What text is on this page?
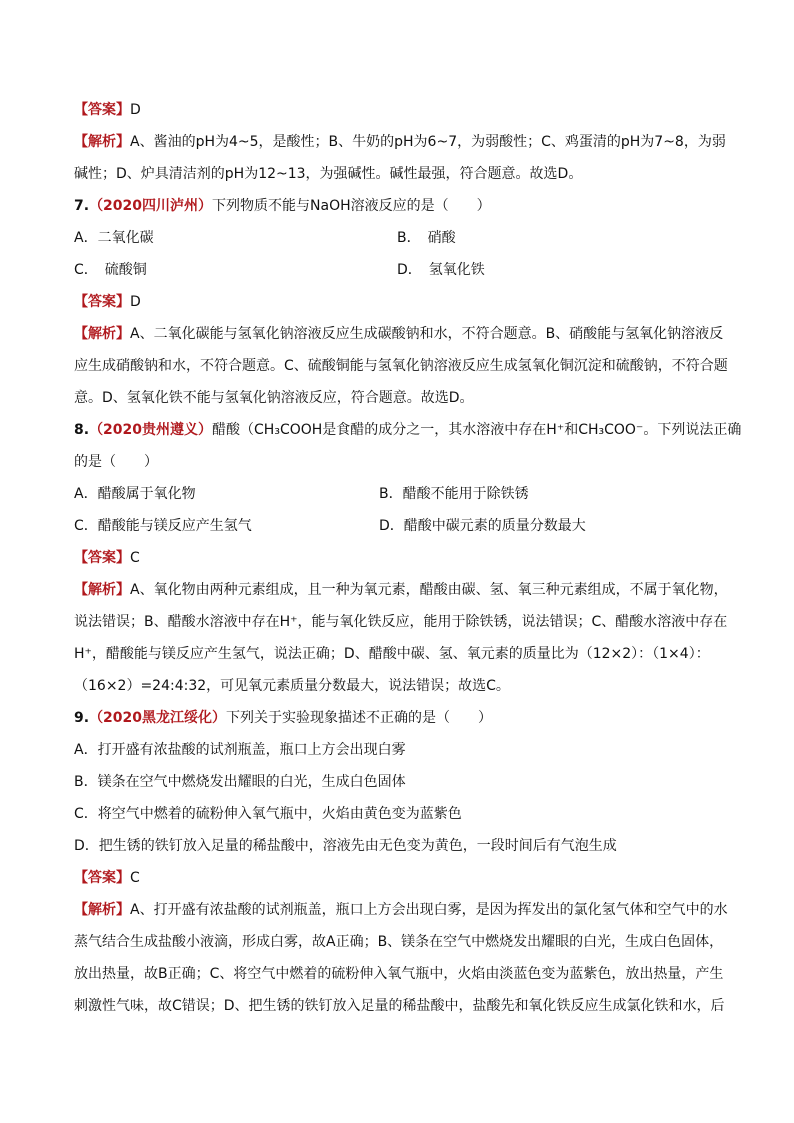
【答案】D
【解析】A、酱油的pH为4~5，是酸性；B、牛奶的pH为6~7，为弱酸性；C、鸡蛋清的pH为7~8，为弱
碱性；D、炉具清洁剂的pH为12~13，为强碱性。碱性最强，符合题意。故选D。
7.（2020四川泸州）下列物质不能与NaOH溶液反应的是（　　）
A．二氧化碳	B．　硝酸
C．　硫酸铜	D．　氢氧化铁
【答案】D
【解析】A、二氧化碳能与氢氧化钠溶液反应生成碳酸钠和水，不符合题意。B、硝酸能与氢氧化钠溶液反
应生成硝酸钠和水，不符合题意。C、硫酸铜能与氢氧化钠溶液反应生成氢氧化铜沉淀和硫酸钠，不符合题
意。D、氢氧化铁不能与氢氧化钠溶液反应，符合题意。故选D。
8.（2020贵州遵义）醋酸（CH₃COOH是食醋的成分之一，其水溶液中存在H⁺和CH₃COO⁻。下列说法正确
的是（　　）
A．醋酸属于氧化物	B．醋酸不能用于除铁锈
C．醋酸能与镁反应产生氢气	D．醋酸中碳元素的质量分数最大
【答案】C
【解析】A、氧化物由两种元素组成，且一种为氧元素，醋酸由碳、氢、氧三种元素组成，不属于氧化物，
说法错误；B、醋酸水溶液中存在H⁺，能与氧化铁反应，能用于除铁锈，说法错误；C、醋酸水溶液中存在
H⁺，醋酸能与镁反应产生氢气，说法正确；D、醋酸中碳、氢、氧元素的质量比为（12×2）：（1×4）：
（16×2）=24:4:32，可见氧元素质量分数最大，说法错误；故选C。
9.（2020黑龙江绥化）下列关于实验现象描述不正确的是（　　）
A．打开盛有浓盐酸的试剂瓶盖，瓶口上方会出现白雾
B．镁条在空气中燃烧发出耀眼的白光，生成白色固体
C．将空气中燃着的硫粉伸入氧气瓶中，火焰由黄色变为蓝紫色
D．把生锈的铁钉放入足量的稀盐酸中，溶液先由无色变为黄色，一段时间后有气泡生成
【答案】C
【解析】A、打开盛有浓盐酸的试剂瓶盖，瓶口上方会出现白雾，是因为挥发出的氯化氢气体和空气中的水
蒸气结合生成盐酸小液滴，形成白雾，故A正确；B、镁条在空气中燃烧发出耀眼的白光，生成白色固体，
放出热量，故B正确；C、将空气中燃着的硫粉伸入氧气瓶中，火焰由淡蓝色变为蓝紫色，放出热量，产生
刺激性气味，故C错误；D、把生锈的铁钉放入足量的稀盐酸中，盐酸先和氧化铁反应生成氯化铁和水，后
